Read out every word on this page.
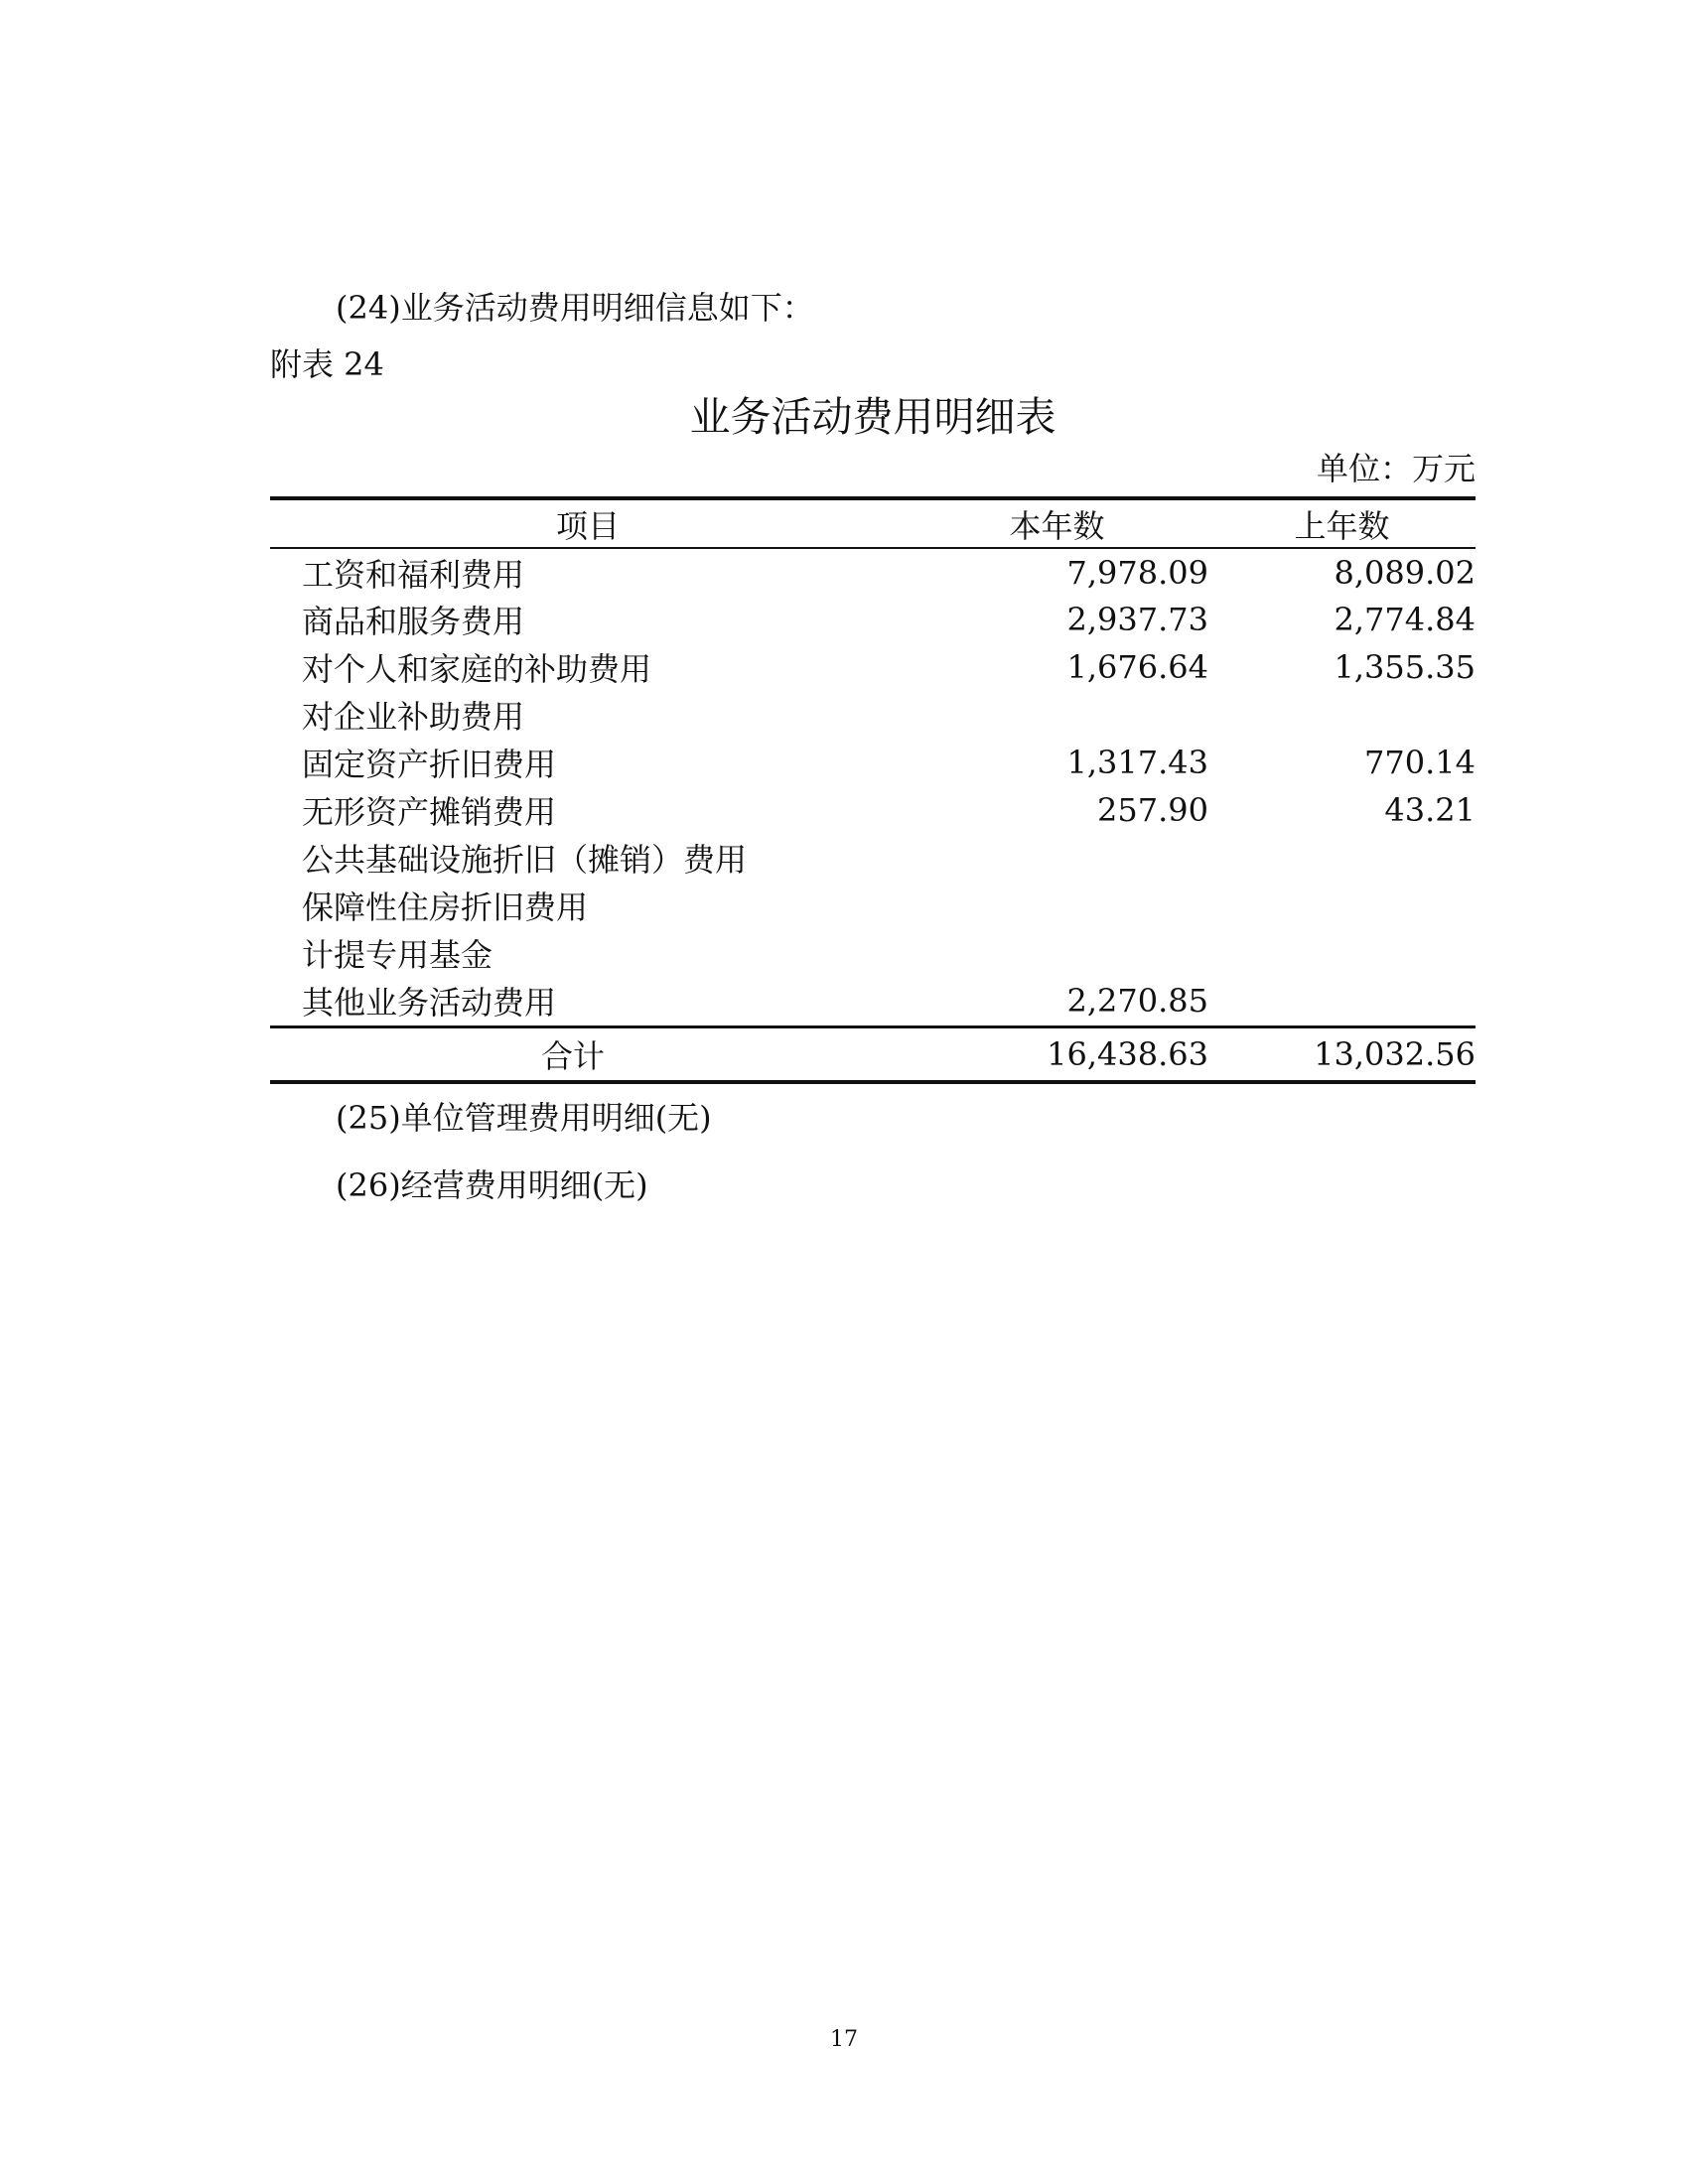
(24)业务活动费用明细信息如下：
附表 24
业务活动费用明细表
单位：万元
项目	本年数	上年数
工资和福利费用	7,978.09	8,089.02
商品和服务费用	2,937.73	2,774.84
对个人和家庭的补助费用	1,676.64	1,355.35
对企业补助费用		
固定资产折旧费用	1,317.43	770.14
无形资产摊销费用	257.90	43.21
公共基础设施折旧（摊销）费用		
保障性住房折旧费用		
计提专用基金		
其他业务活动费用	2,270.85	
合计	16,438.63	13,032.56
(25)单位管理费用明细(无)
(26)经营费用明细(无)
17
